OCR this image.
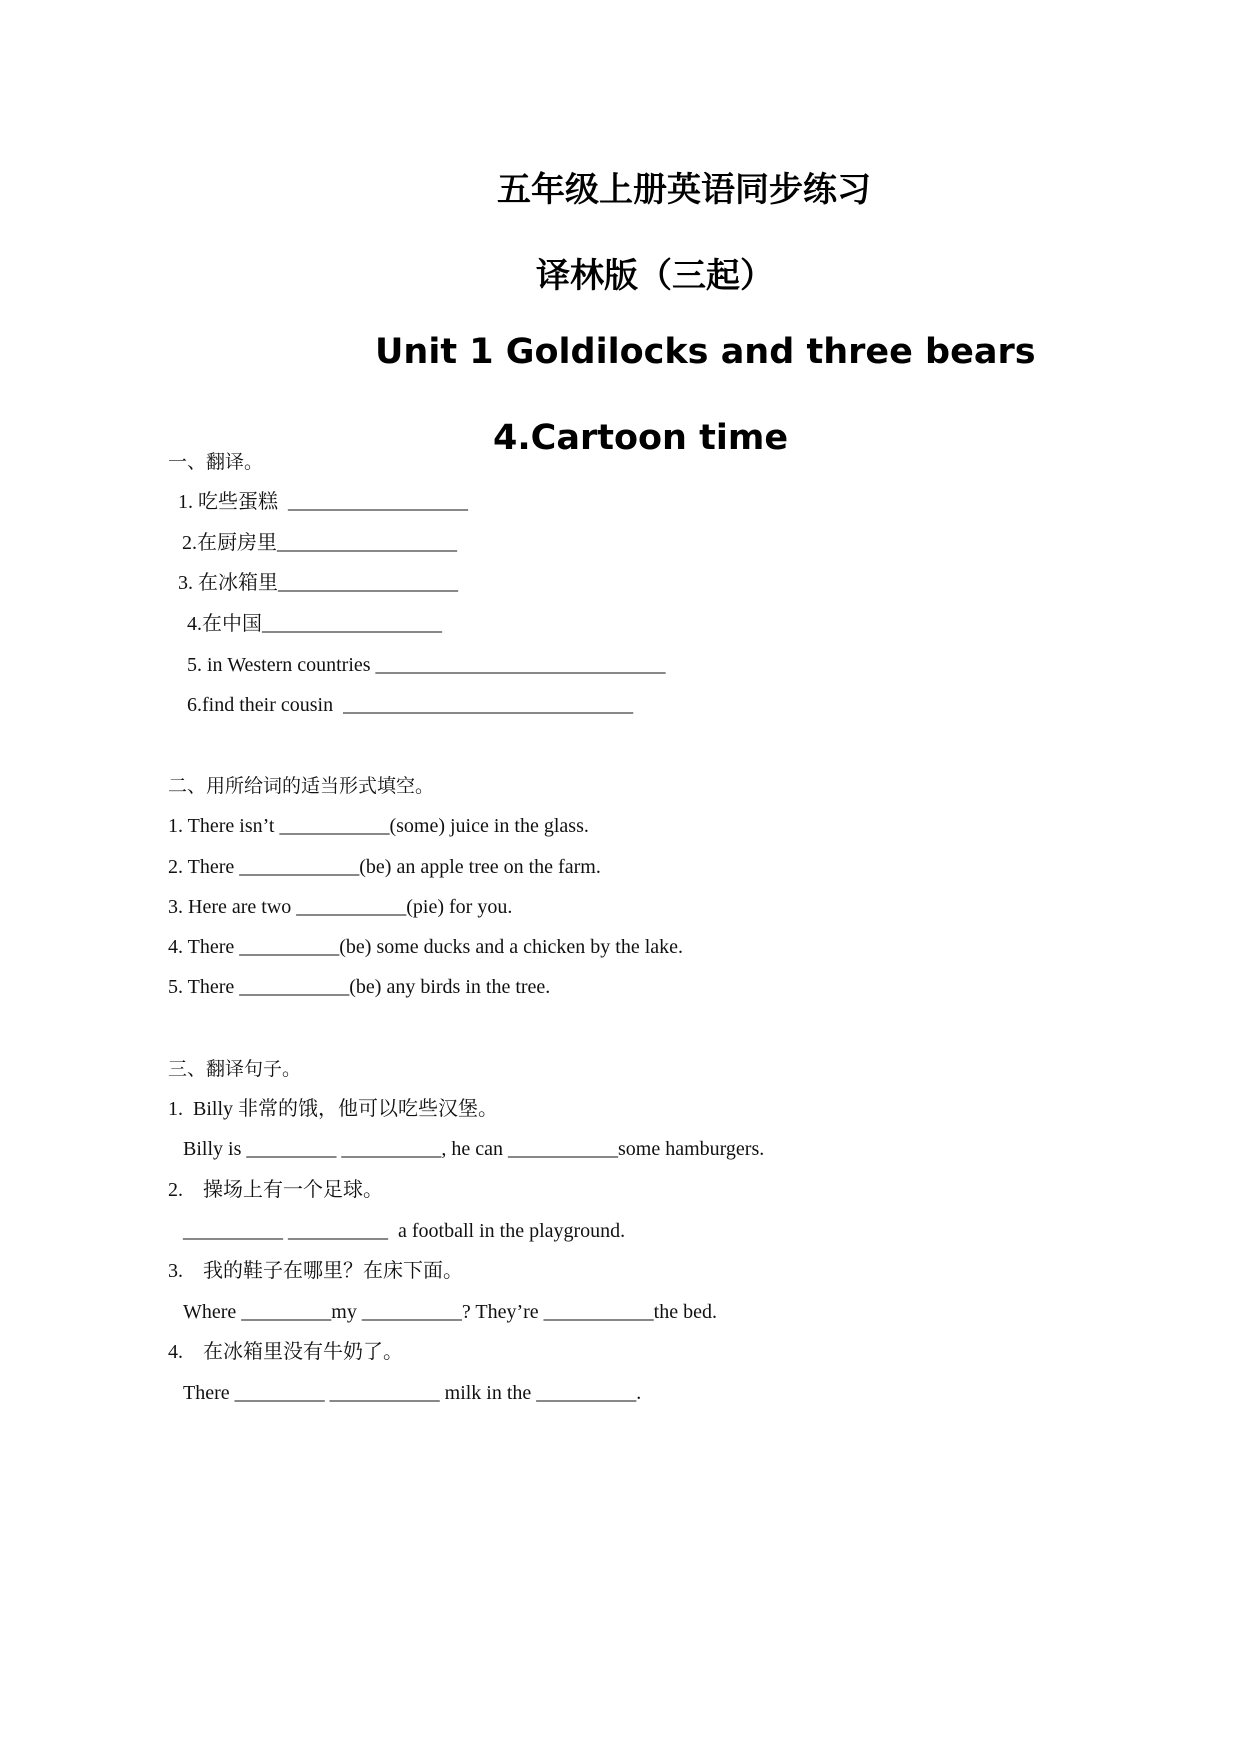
五年级上册英语同步练习
译林版（三起）
Unit 1 Goldilocks and three bears
4.Cartoon time
一、翻译。
1. 吃些蛋糕  __________________
2.在厨房里__________________
3. 在冰箱里__________________
4.在中国__________________
5. in Western countries _____________________________
6.find their cousin  _____________________________
二、用所给词的适当形式填空。
1. There isn’t ___________(some) juice in the glass.
2. There ____________(be) an apple tree on the farm.
3. Here are two ___________(pie) for you.
4. There __________(be) some ducks and a chicken by the lake.
5. There ___________(be) any birds in the tree.
三、翻译句子。
1.  Billy 非常的饿，他可以吃些汉堡。
Billy is _________ __________, he can ___________some hamburgers.
2.    操场上有一个足球。
__________ __________  a football in the playground.
3.    我的鞋子在哪里？在床下面。
Where _________my __________? They’re ___________the bed.
4.    在冰箱里没有牛奶了。
There _________ ___________ milk in the __________.
